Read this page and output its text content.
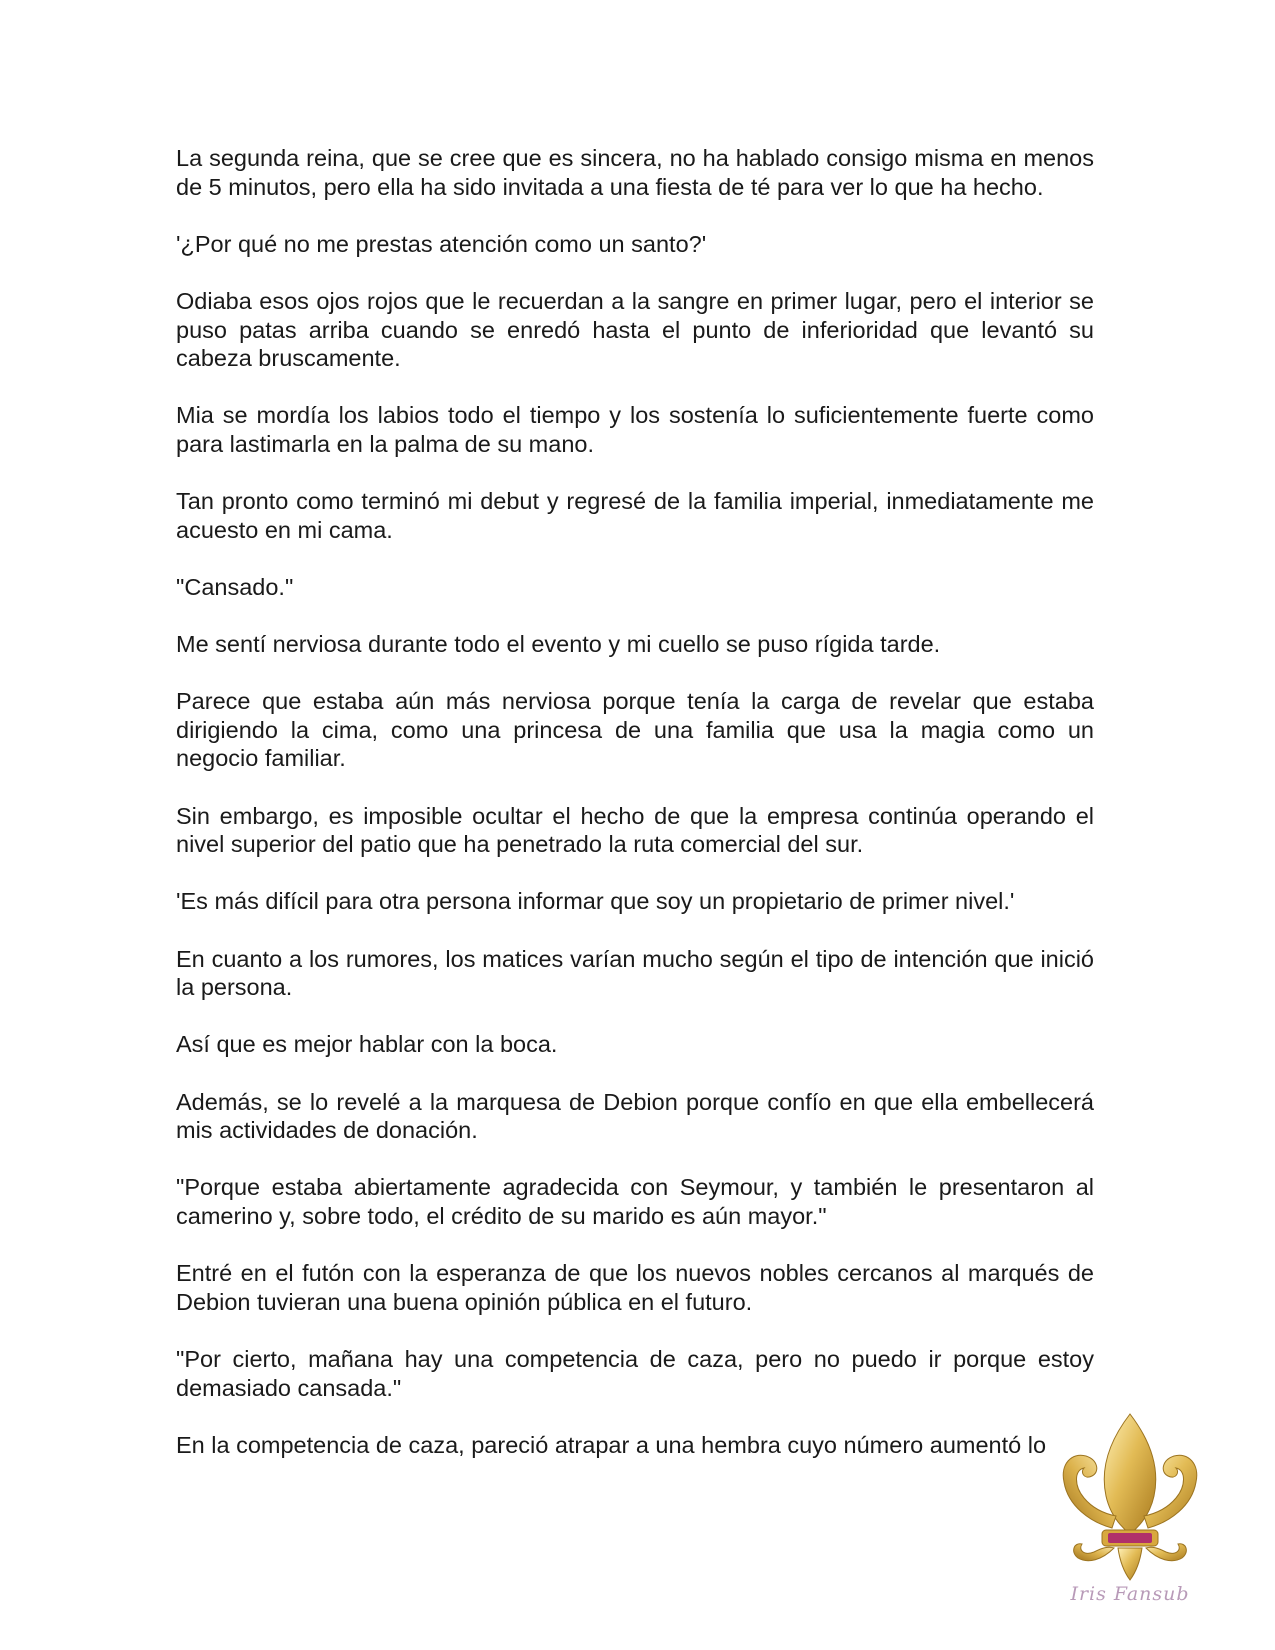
La segunda reina, que se cree que es sincera, no ha hablado consigo misma en menos de 5 minutos, pero ella ha sido invitada a una fiesta de té para ver lo que ha hecho.

'¿Por qué no me prestas atención como un santo?'

Odiaba esos ojos rojos que le recuerdan a la sangre en primer lugar, pero el interior se puso patas arriba cuando se enredó hasta el punto de inferioridad que levantó su cabeza bruscamente.

Mia se mordía los labios todo el tiempo y los sostenía lo suficientemente fuerte como para lastimarla en la palma de su mano.

Tan pronto como terminó mi debut y regresé de la familia imperial, inmediatamente me acuesto en mi cama.

"Cansado."

Me sentí nerviosa durante todo el evento y mi cuello se puso rígida tarde.

Parece que estaba aún más nerviosa porque tenía la carga de revelar que estaba dirigiendo la cima, como una princesa de una familia que usa la magia como un negocio familiar.

Sin embargo, es imposible ocultar el hecho de que la empresa continúa operando el nivel superior del patio que ha penetrado la ruta comercial del sur.

'Es más difícil para otra persona informar que soy un propietario de primer nivel.'

En cuanto a los rumores, los matices varían mucho según el tipo de intención que inició la persona.

Así que es mejor hablar con la boca.

Además, se lo revelé a la marquesa de Debion porque confío en que ella embellecerá mis actividades de donación.

"Porque estaba abiertamente agradecida con Seymour, y también le presentaron al camerino y, sobre todo, el crédito de su marido es aún mayor."

Entré en el futón con la esperanza de que los nuevos nobles cercanos al marqués de Debion tuvieran una buena opinión pública en el futuro.

"Por cierto, mañana hay una competencia de caza, pero no puedo ir porque estoy demasiado cansada."

En la competencia de caza, pareció atrapar a una hembra cuyo número aumentó lo

Iris Fansub
